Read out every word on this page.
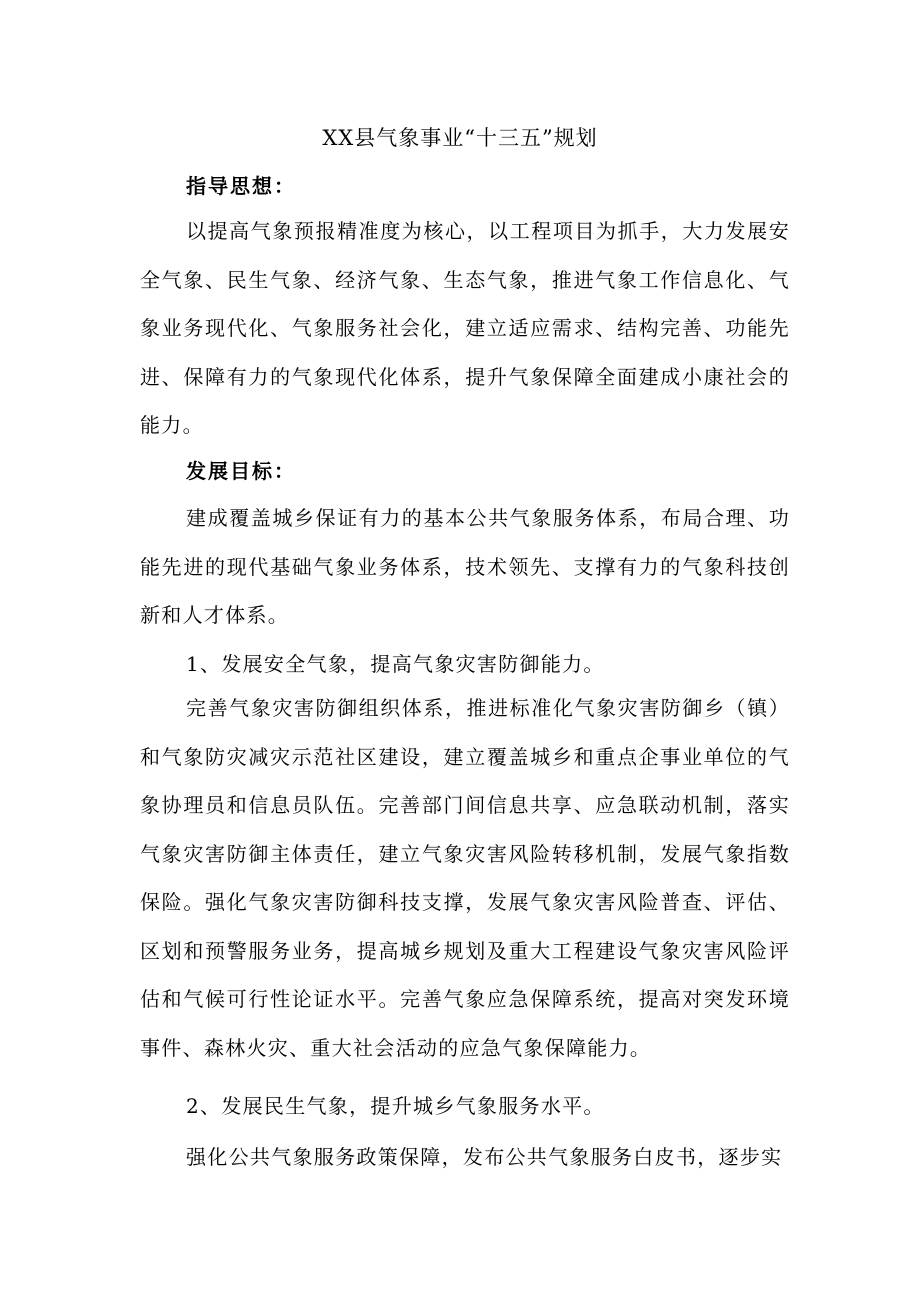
XX县气象事业“十三五”规划
指导思想：
以提高气象预报精准度为核心，以工程项目为抓手，大力发展安全气象、民生气象、经济气象、生态气象，推进气象工作信息化、气象业务现代化、气象服务社会化，建立适应需求、结构完善、功能先进、保障有力的气象现代化体系，提升气象保障全面建成小康社会的能力。
发展目标：
建成覆盖城乡保证有力的基本公共气象服务体系，布局合理、功能先进的现代基础气象业务体系，技术领先、支撑有力的气象科技创新和人才体系。
1、发展安全气象，提高气象灾害防御能力。
完善气象灾害防御组织体系，推进标准化气象灾害防御乡（镇）和气象防灾减灾示范社区建设，建立覆盖城乡和重点企事业单位的气象协理员和信息员队伍。完善部门间信息共享、应急联动机制，落实气象灾害防御主体责任，建立气象灾害风险转移机制，发展气象指数保险。强化气象灾害防御科技支撑，发展气象灾害风险普查、评估、区划和预警服务业务，提高城乡规划及重大工程建设气象灾害风险评估和气候可行性论证水平。完善气象应急保障系统，提高对突发环境事件、森林火灾、重大社会活动的应急气象保障能力。
2、发展民生气象，提升城乡气象服务水平。
强化公共气象服务政策保障，发布公共气象服务白皮书，逐步实
